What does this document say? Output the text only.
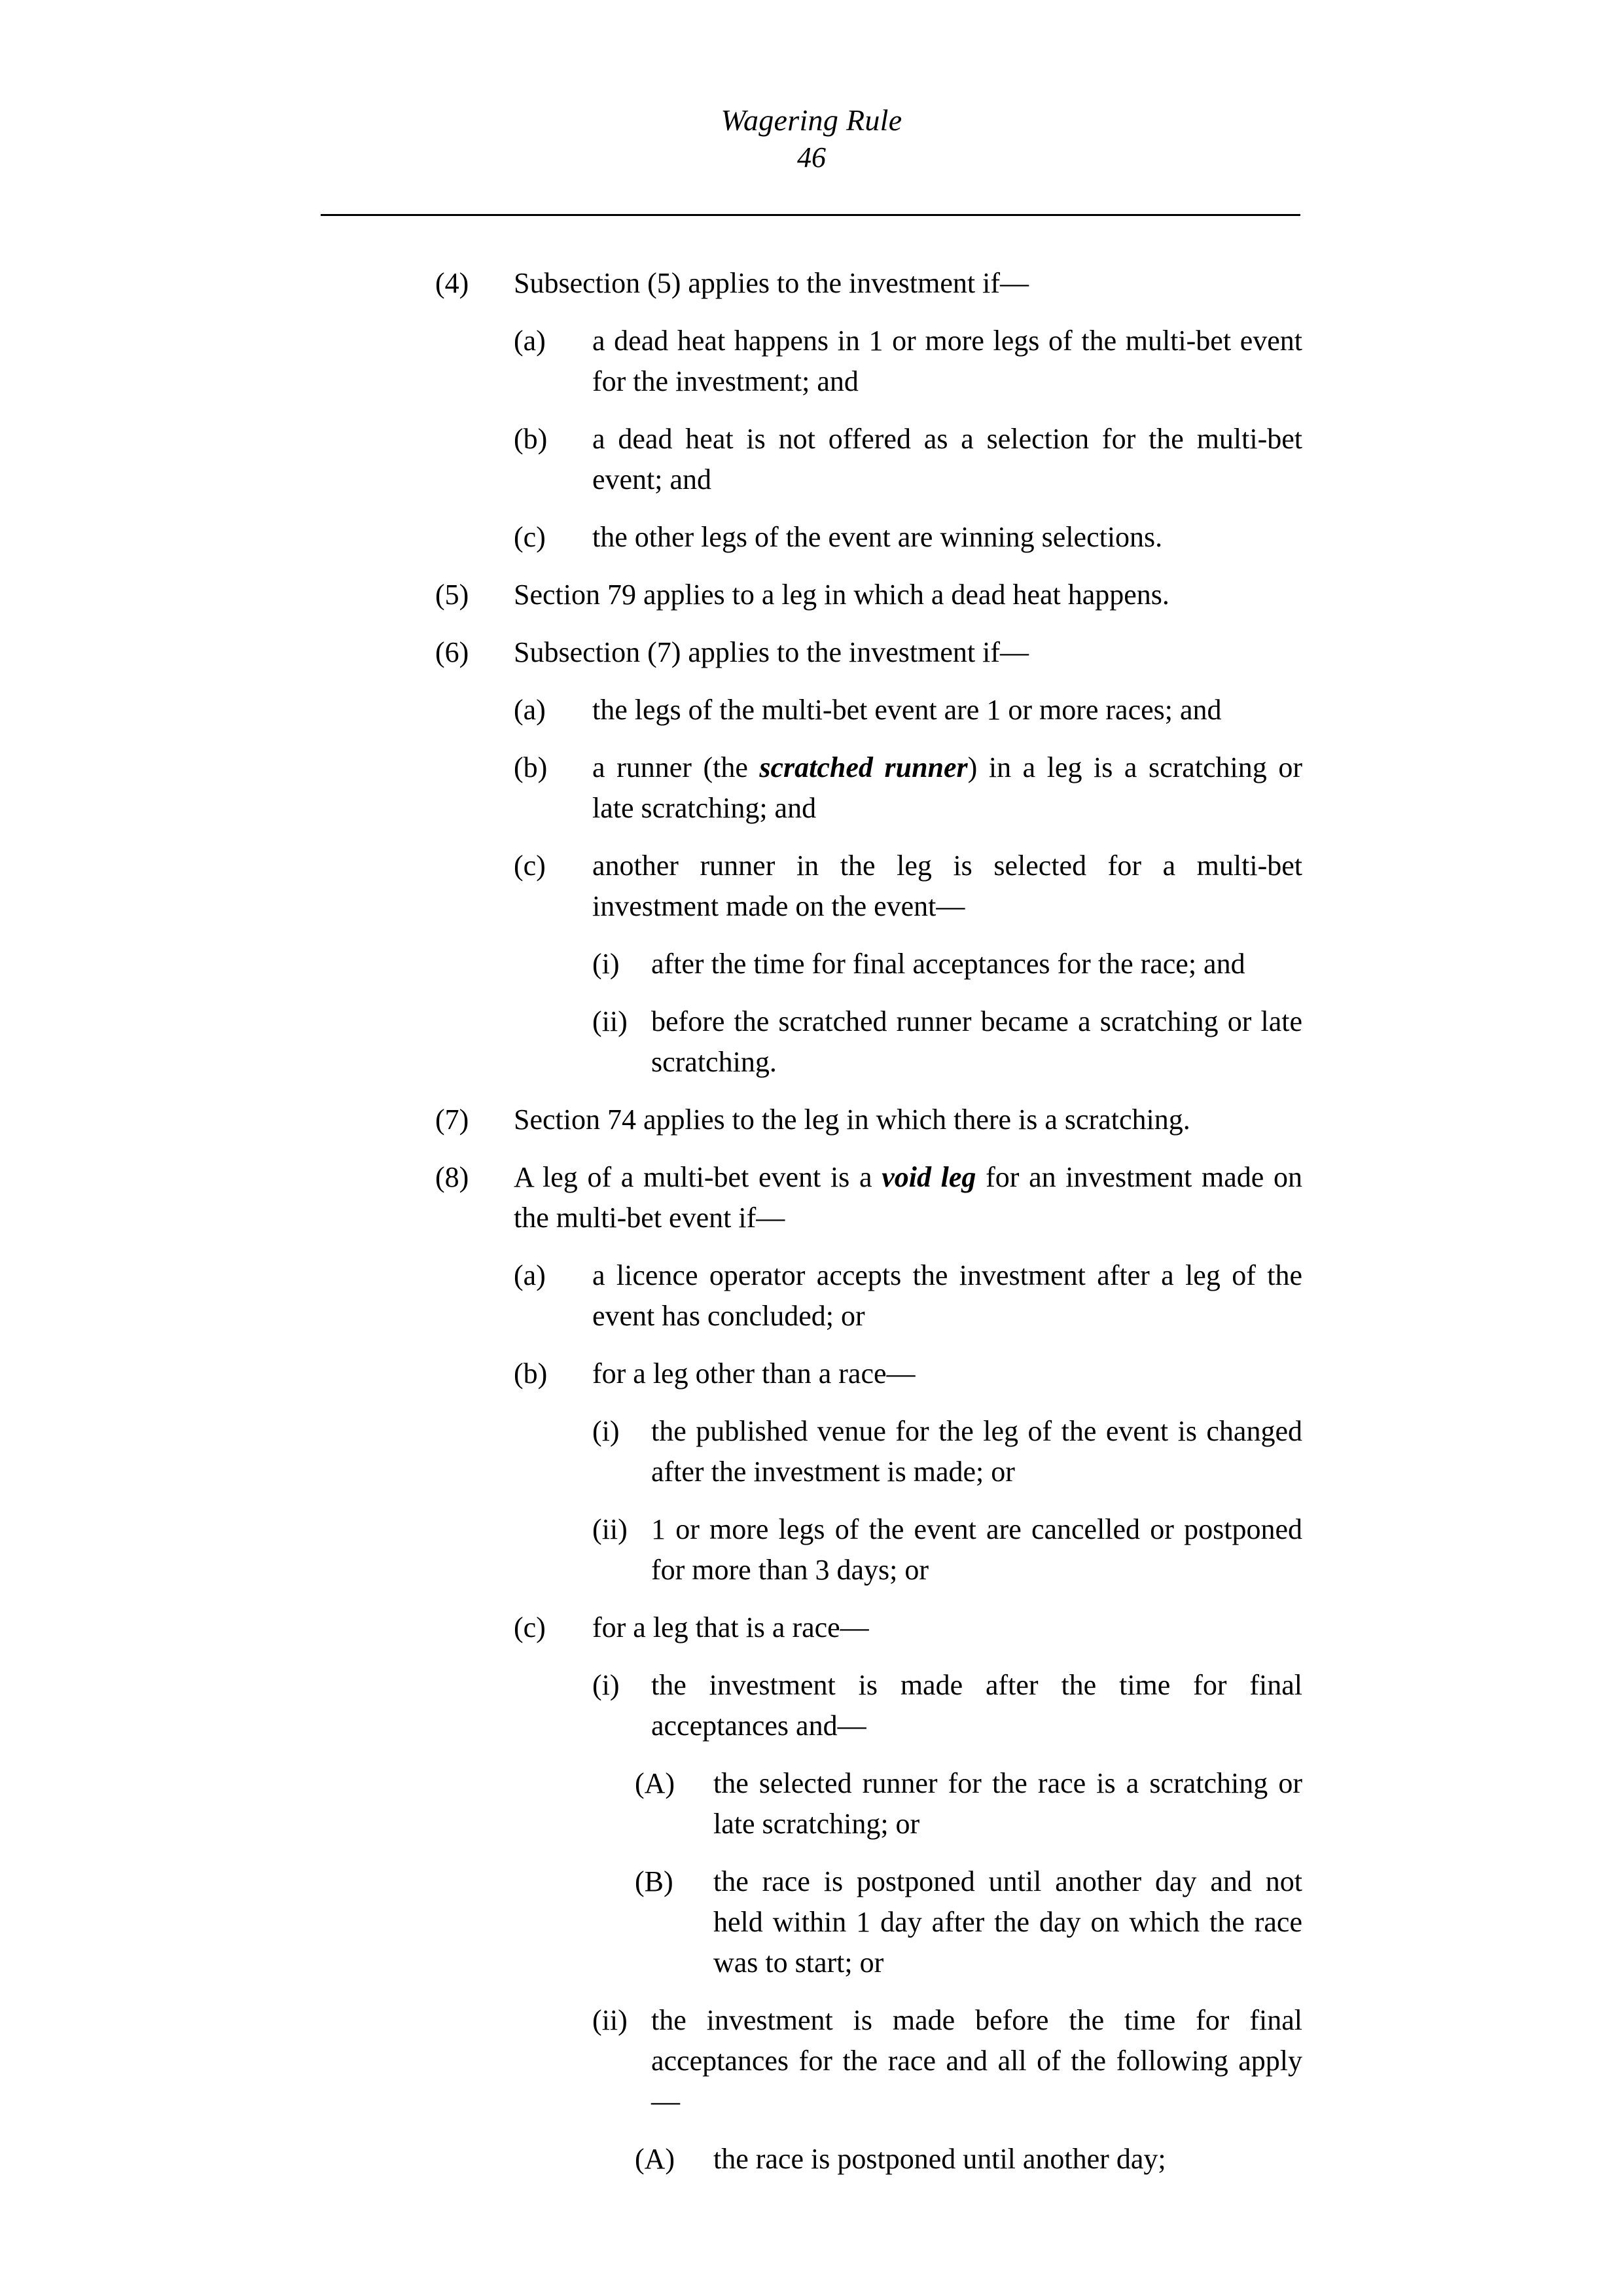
Wagering Rule
46
(4) Subsection (5) applies to the investment if—
(a) a dead heat happens in 1 or more legs of the multi-bet event for the investment; and
(b) a dead heat is not offered as a selection for the multi-bet event; and
(c) the other legs of the event are winning selections.
(5) Section 79 applies to a leg in which a dead heat happens.
(6) Subsection (7) applies to the investment if—
(a) the legs of the multi-bet event are 1 or more races; and
(b) a runner (the scratched runner) in a leg is a scratching or late scratching; and
(c) another runner in the leg is selected for a multi-bet investment made on the event—
(i) after the time for final acceptances for the race; and
(ii) before the scratched runner became a scratching or late scratching.
(7) Section 74 applies to the leg in which there is a scratching.
(8) A leg of a multi-bet event is a void leg for an investment made on the multi-bet event if—
(a) a licence operator accepts the investment after a leg of the event has concluded; or
(b) for a leg other than a race—
(i) the published venue for the leg of the event is changed after the investment is made; or
(ii) 1 or more legs of the event are cancelled or postponed for more than 3 days; or
(c) for a leg that is a race—
(i) the investment is made after the time for final acceptances and—
(A) the selected runner for the race is a scratching or late scratching; or
(B) the race is postponed until another day and not held within 1 day after the day on which the race was to start; or
(ii) the investment is made before the time for final acceptances for the race and all of the following apply—
(A) the race is postponed until another day;
